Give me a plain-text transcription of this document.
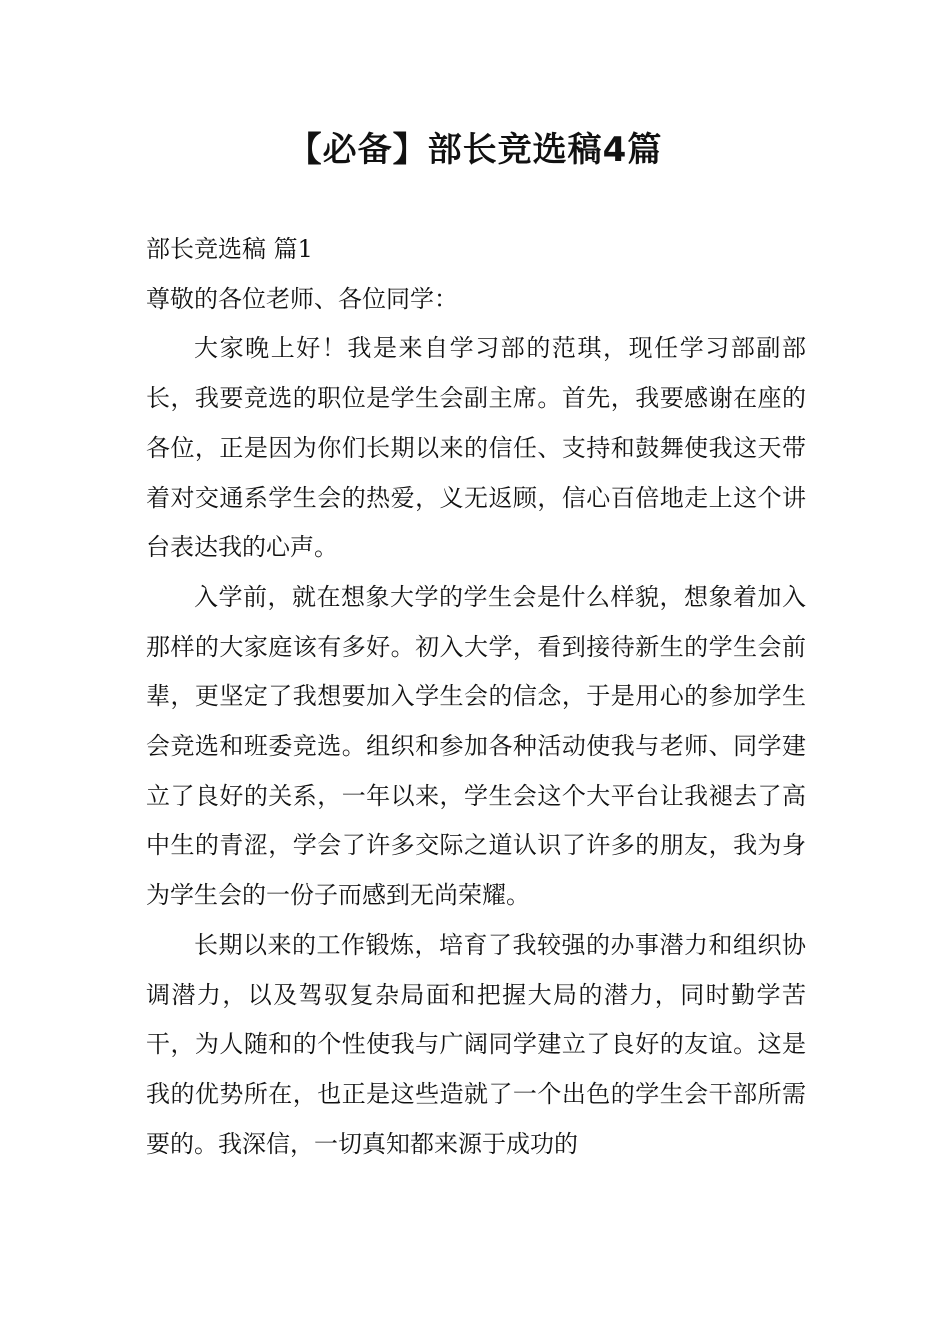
【必备】部长竞选稿4篇

部长竞选稿 篇1

尊敬的各位老师、各位同学：

大家晚上好！我是来自学习部的范琪，现任学习部副部长，我要竞选的职位是学生会副主席。首先，我要感谢在座的各位，正是因为你们长期以来的信任、支持和鼓舞使我这天带着对交通系学生会的热爱，义无返顾，信心百倍地走上这个讲台表达我的心声。

入学前，就在想象大学的学生会是什么样貌，想象着加入那样的大家庭该有多好。初入大学，看到接待新生的学生会前辈，更坚定了我想要加入学生会的信念，于是用心的参加学生会竞选和班委竞选。组织和参加各种活动使我与老师、同学建立了良好的关系，一年以来，学生会这个大平台让我褪去了高中生的青涩，学会了许多交际之道认识了许多的朋友，我为身为学生会的一份子而感到无尚荣耀。

长期以来的工作锻炼，培育了我较强的办事潜力和组织协调潜力，以及驾驭复杂局面和把握大局的潜力，同时勤学苦干，为人随和的个性使我与广阔同学建立了良好的友谊。这是我的优势所在，也正是这些造就了一个出色的学生会干部所需要的。我深信，一切真知都来源于成功的
